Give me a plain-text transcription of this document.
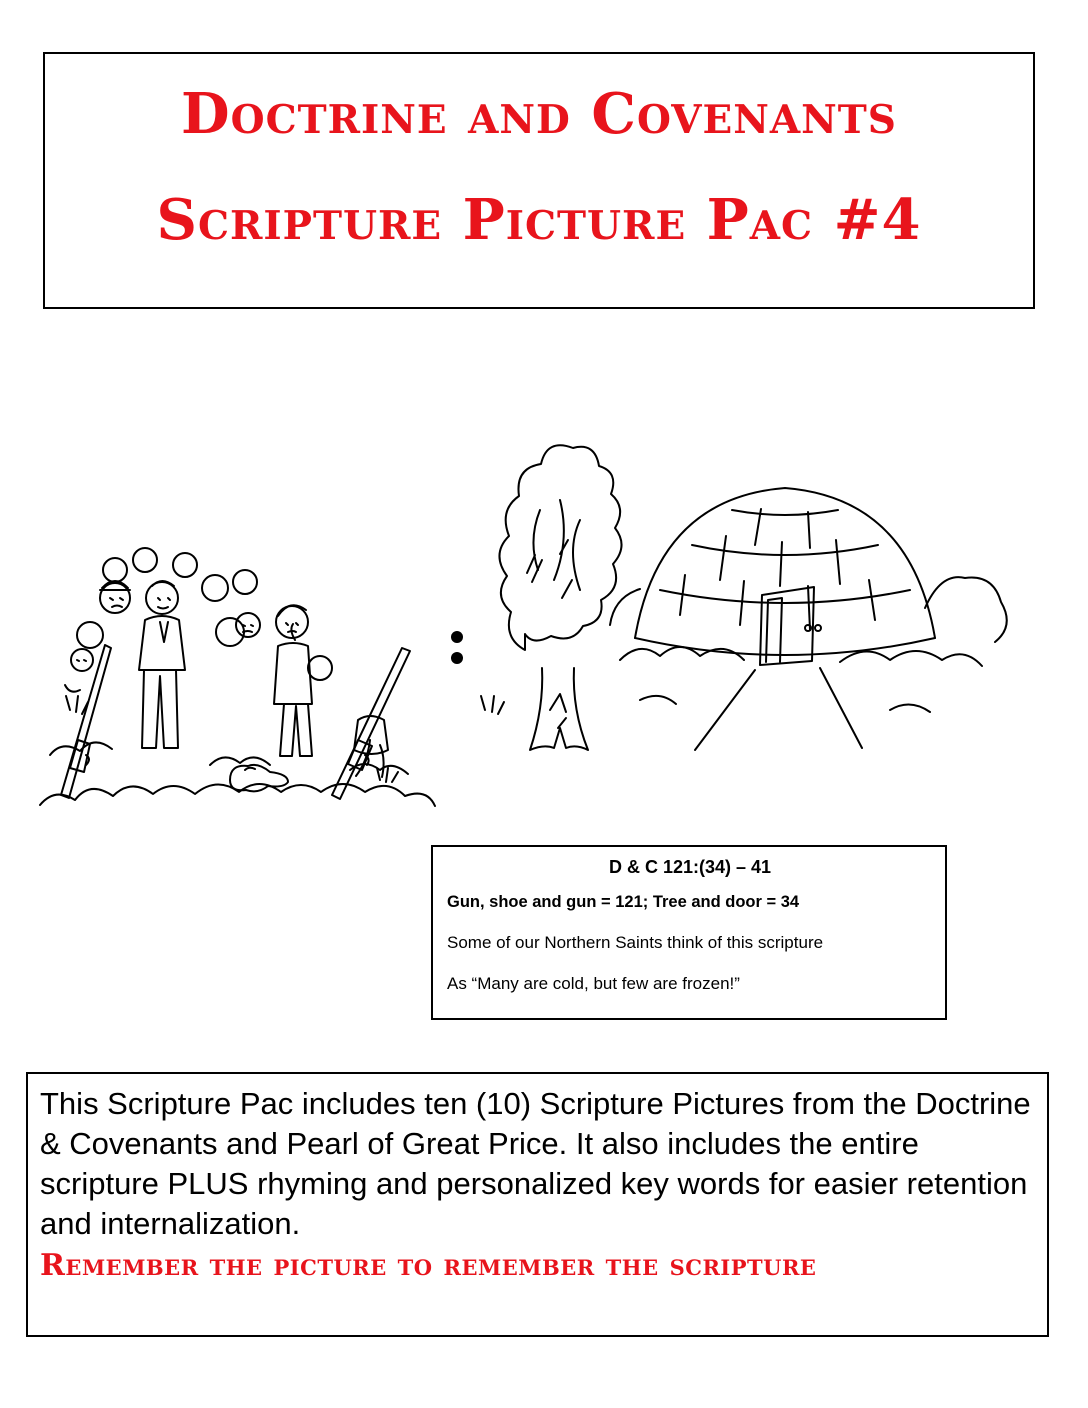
Doctrine and Covenants
Scripture Picture Pac #4
D & C 121:(34) – 41
Gun, shoe and gun = 121; Tree and door = 34
Some of our Northern Saints think of this scripture
As “Many are cold, but few are frozen!”
This Scripture Pac includes ten (10) Scripture Pictures from the Doctrine & Covenants and Pearl of Great Price. It also includes the entire scripture PLUS rhyming and personalized key words for easier retention and internalization.
Remember the picture to remember the scripture
